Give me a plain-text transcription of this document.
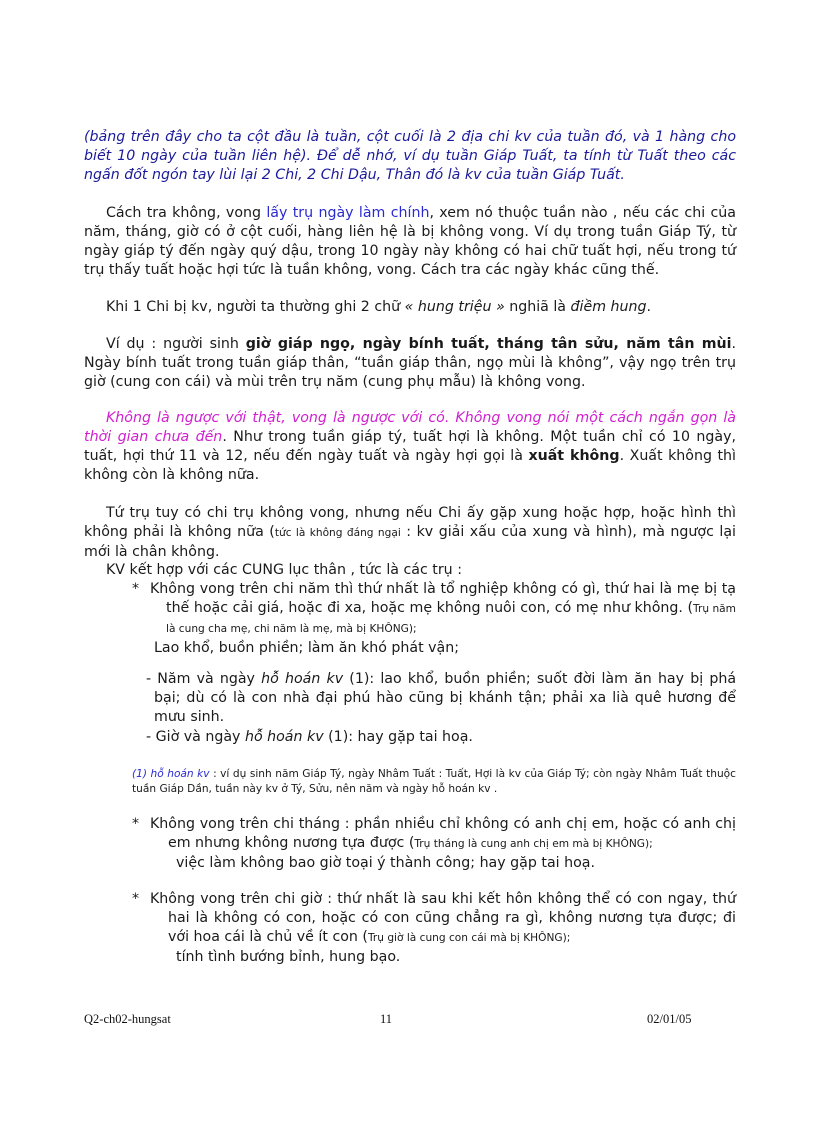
(bảng trên đây cho ta cột đầu là tuần, cột cuối là 2 địa chi kv của tuần đó, và 1 hàng cho biết 10 ngày của tuần liên hệ). Để dễ nhớ, ví dụ tuần Giáp Tuất, ta tính từ Tuất theo các ngấn đốt ngón tay lùi lại 2 Chi, 2 Chi Dậu, Thân đó là kv của tuần Giáp Tuất.
Cách tra không, vong lấy trụ ngày làm chính, xem nó thuộc tuần nào , nếu các chi của năm, tháng, giờ có ở cột cuối, hàng liên hệ là bị không vong. Ví dụ trong tuần Giáp Tý, từ ngày giáp tý đến ngày quý dậu, trong 10 ngày này không có hai chữ tuất hợi, nếu trong tứ trụ thấy tuất hoặc hợi tức là tuần không, vong. Cách tra các ngày khác cũng thế.
Khi 1 Chi bị kv, người ta thường ghi 2 chữ « hung triệu » nghiã là điềm hung.
Ví dụ : người sinh giờ giáp ngọ, ngày bính tuất, tháng tân sửu, năm tân mùi. Ngày bính tuất trong tuần giáp thân, “tuần giáp thân, ngọ mùi là không”, vậy ngọ trên trụ giờ (cung con cái) và mùi trên trụ năm (cung phụ mẫu) là không vong.
Không là ngược với thật, vong là ngược với có. Không vong nói một cách ngắn gọn là thời gian chưa đến. Như trong tuần giáp tý, tuất hợi là không. Một tuần chỉ có 10 ngày, tuất, hợi thứ 11 và 12, nếu đến ngày tuất và ngày hợi gọi là xuất không. Xuất không thì không còn là không nữa.
Tứ trụ tuy có chi trụ không vong, nhưng nếu Chi ấy gặp xung hoặc hợp, hoặc hình thì không phải là không nữa (tức là không đáng ngại : kv giải xấu của xung và hình), mà ngược lại mới là chân không.
KV kết hợp với các CUNG lục thân , tức là các trụ :
* Không vong trên chi năm thì thứ nhất là tổ nghiệp không có gì, thứ hai là mẹ bị tạ thế hoặc cải giá, hoặc đi xa, hoặc mẹ không nuôi con, có mẹ như không. (Trụ năm là cung cha mẹ, chi năm là mẹ, mà bị KHÔNG);
Lao khổ, buồn phiền; làm ăn khó phát vận;
- Năm và ngày hỗ hoán kv (1): lao khổ, buồn phiền; suốt đời làm ăn hay bị phá bại; dù có là con nhà đại phú hào cũng bị khánh tận; phải xa lià quê hương để mưu sinh.
- Giờ và ngày hỗ hoán kv (1): hay gặp tai hoạ.
(1) hỗ hoán kv : ví dụ sinh năm Giáp Tý, ngày Nhâm Tuất : Tuất, Hợi là kv của Giáp Tý; còn ngày Nhâm Tuất thuộc tuần Giáp Dần, tuần này kv ở Tý, Sửu, nên năm và ngày hỗ hoán kv .
* Không vong trên chi tháng : phần nhiều chỉ không có anh chị em, hoặc có anh chị em nhưng không nương tựa được (Trụ tháng là cung anh chị em mà bị KHÔNG);
việc làm không bao giờ toại ý thành công; hay gặp tai hoạ.
* Không vong trên chi giờ : thứ nhất là sau khi kết hôn không thể có con ngay, thứ hai là không có con, hoặc có con cũng chẳng ra gì, không nương tựa được; đi với hoa cái là chủ về ít con (Trụ giờ là cung con cái mà bị KHÔNG);
tính tình bướng bỉnh, hung bạo.
Q2-ch02-hungsat	11	02/01/05
